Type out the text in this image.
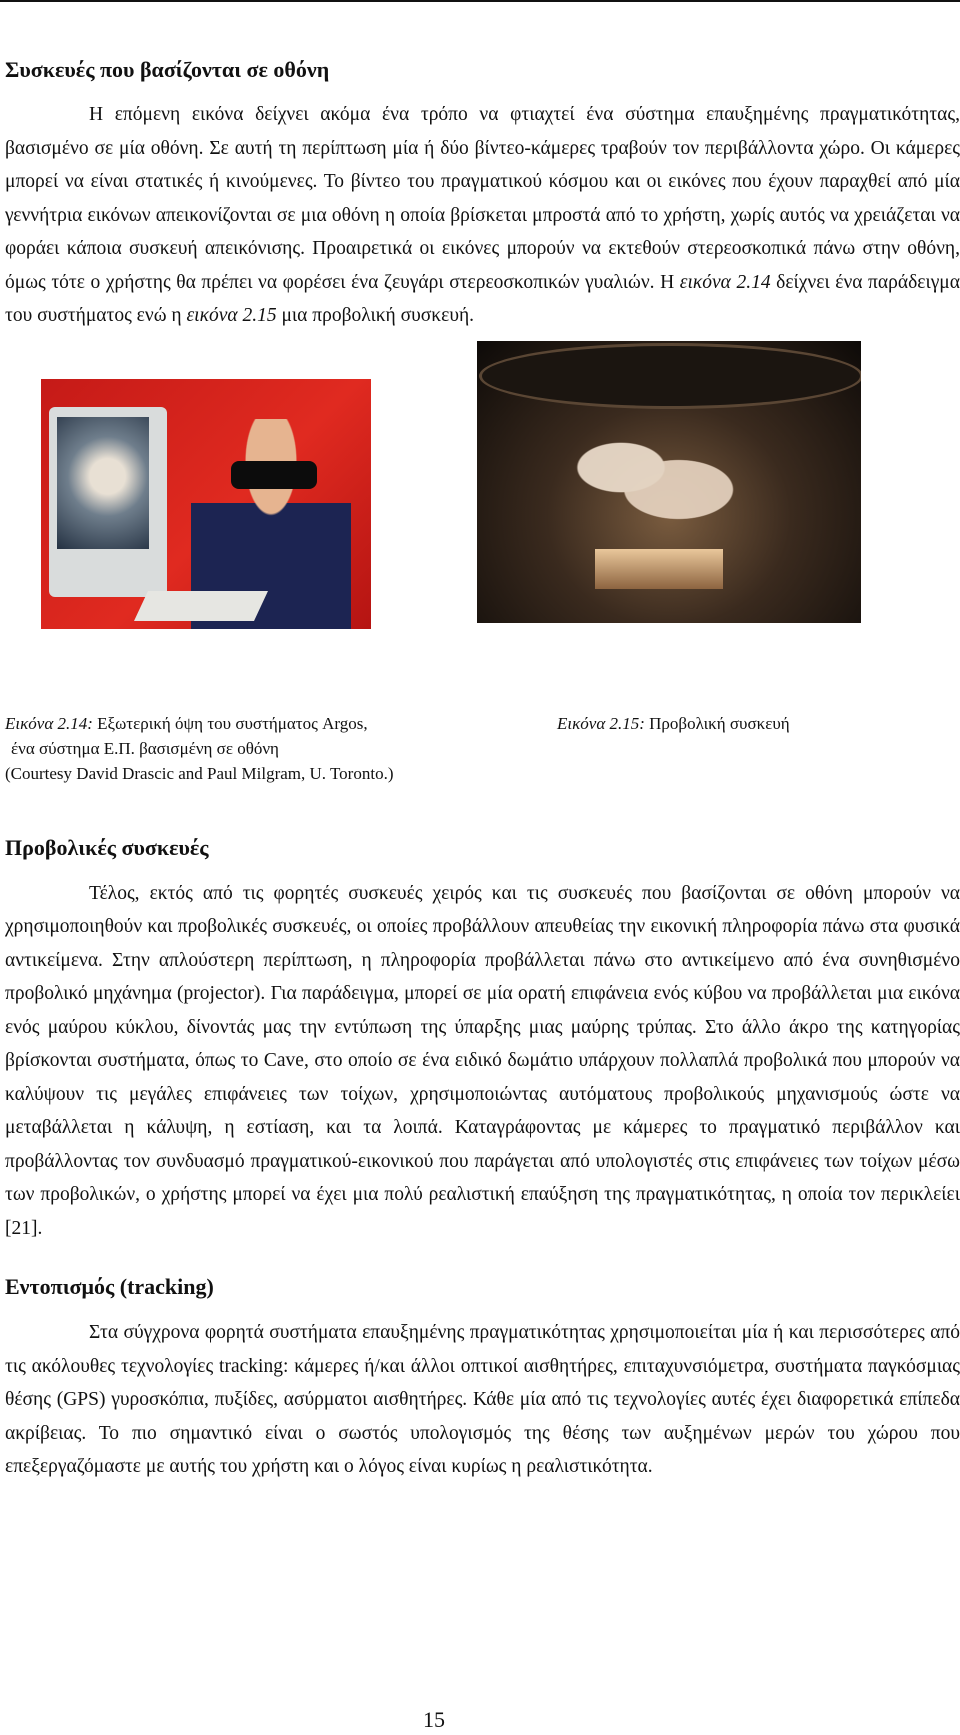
Συσκευές που βασίζονται σε οθόνη

Η επόμενη εικόνα δείχνει ακόμα ένα τρόπο να φτιαχτεί ένα σύστημα επαυξημένης πραγματικότητας, βασισμένο σε μία οθόνη. Σε αυτή τη περίπτωση μία ή δύο βίντεο-κάμερες τραβούν τον περιβάλλοντα χώρο. Οι κάμερες μπορεί να είναι στατικές ή κινούμενες. Το βίντεο του πραγματικού κόσμου και οι εικόνες που έχουν παραχθεί από μία γεννήτρια εικόνων απεικονίζονται σε μια οθόνη η οποία βρίσκεται μπροστά από το χρήστη, χωρίς αυτός να χρειάζεται να φοράει κάποια συσκευή απεικόνισης. Προαιρετικά οι εικόνες μπορούν να εκτεθούν στερεοσκοπικά πάνω στην οθόνη, όμως τότε ο χρήστης θα πρέπει να φορέσει ένα ζευγάρι στερεοσκοπικών γυαλιών. Η εικόνα 2.14 δείχνει ένα παράδειγμα του συστήματος ενώ η εικόνα 2.15 μια προβολική συσκευή.

Εικόνα 2.14: Εξωτερική όψη του συστήματος Argos,
ένα σύστημα Ε.Π. βασισμένη σε οθόνη
(Courtesy David Drascic and Paul Milgram, U. Toronto.)
Εικόνα 2.15: Προβολική συσκευή
Προβολικές συσκευές

Τέλος, εκτός από τις φορητές συσκευές χειρός και τις συσκευές που βασίζονται σε οθόνη μπορούν να χρησιμοποιηθούν και προβολικές συσκευές, οι οποίες προβάλλουν απευθείας την εικονική πληροφορία πάνω στα φυσικά αντικείμενα. Στην απλούστερη περίπτωση, η πληροφορία προβάλλεται πάνω στο αντικείμενο από ένα συνηθισμένο προβολικό μηχάνημα (projector). Για παράδειγμα, μπορεί σε μία ορατή επιφάνεια ενός κύβου να προβάλλεται μια εικόνα ενός μαύρου κύκλου, δίνοντάς μας την εντύπωση της ύπαρξης μιας μαύρης τρύπας. Στο άλλο άκρο της κατηγορίας βρίσκονται συστήματα, όπως το Cave, στο οποίο σε ένα ειδικό δωμάτιο υπάρχουν πολλαπλά προβολικά που μπορούν να καλύψουν τις μεγάλες επιφάνειες των τοίχων, χρησιμοποιώντας αυτόματους προβολικούς μηχανισμούς ώστε να μεταβάλλεται η κάλυψη, η εστίαση, και τα λοιπά. Καταγράφοντας με κάμερες το πραγματικό περιβάλλον και προβάλλοντας τον συνδυασμό πραγματικού-εικονικού που παράγεται από υπολογιστές στις επιφάνειες των τοίχων μέσω των προβολικών, ο χρήστης μπορεί να έχει μια πολύ ρεαλιστική επαύξηση της πραγματικότητας, η οποία τον περικλείει [21].

Εντοπισμός (tracking)

Στα σύγχρονα φορητά συστήματα επαυξημένης πραγματικότητας χρησιμοποιείται μία ή και περισσότερες από τις ακόλουθες τεχνολογίες tracking: κάμερες ή/και άλλοι οπτικοί αισθητήρες, επιταχυνσιόμετρα, συστήματα παγκόσμιας θέσης (GPS) γυροσκόπια, πυξίδες, ασύρματοι αισθητήρες. Κάθε μία από τις τεχνολογίες αυτές έχει διαφορετικά επίπεδα ακρίβειας. Το πιο σημαντικό είναι ο σωστός υπολογισμός της θέσης των αυξημένων μερών του χώρου που επεξεργαζόμαστε με αυτής του χρήστη και ο λόγος είναι κυρίως η ρεαλιστικότητα.

15
